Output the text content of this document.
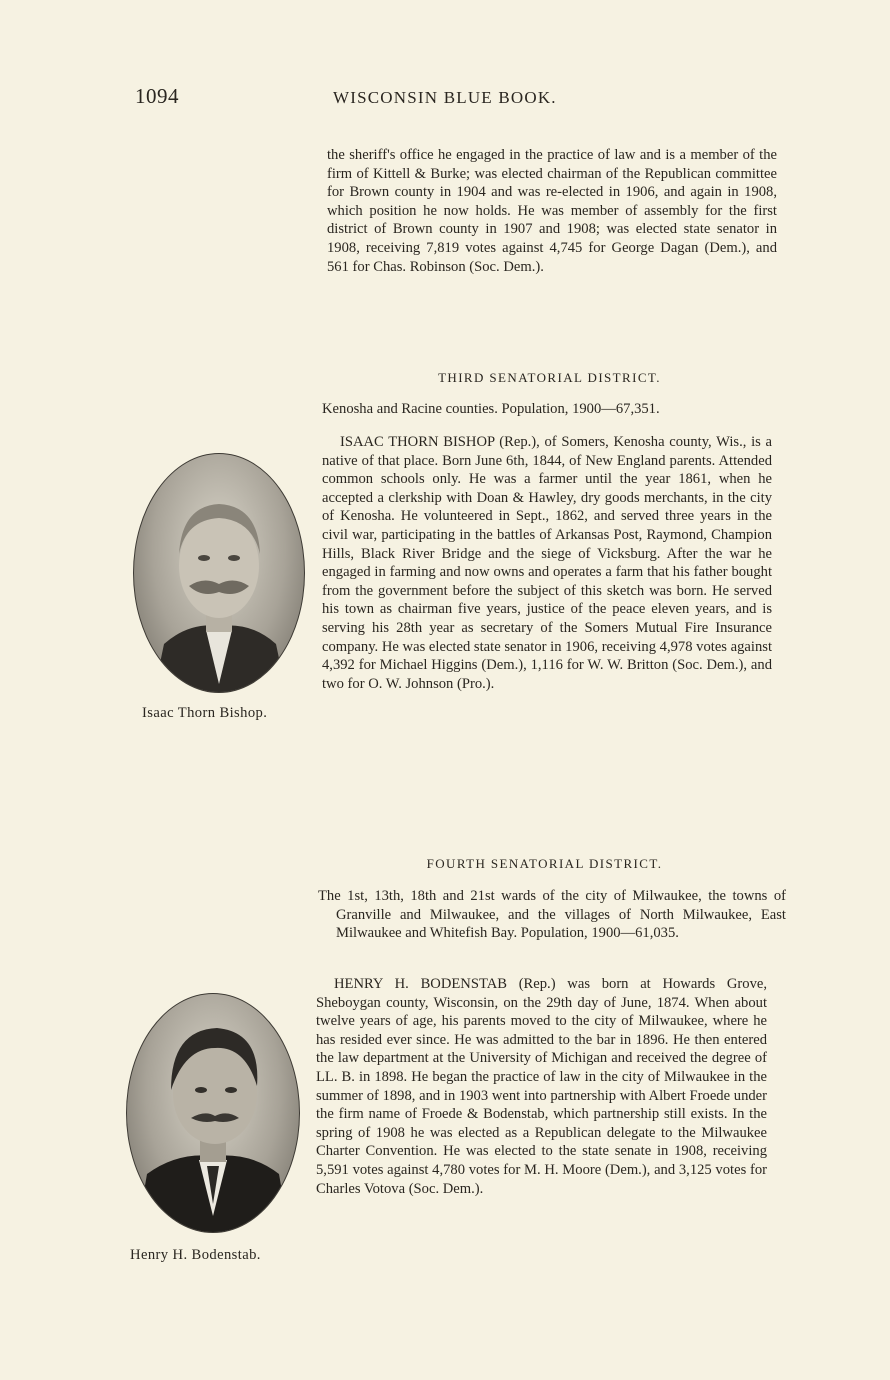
1094	WISCONSIN BLUE BOOK.
the sheriff's office he engaged in the practice of law and is a member of the firm of Kittell & Burke; was elected chairman of the Republican committee for Brown county in 1904 and was re-elected in 1906, and again in 1908, which position he now holds. He was member of assembly for the first district of Brown county in 1907 and 1908; was elected state senator in 1908, receiving 7,819 votes against 4,745 for George Dagan (Dem.), and 561 for Chas. Robinson (Soc. Dem.).
THIRD SENATORIAL DISTRICT.
Kenosha and Racine counties. Population, 1900—67,351.
ISAAC THORN BISHOP (Rep.), of Somers, Kenosha county, Wis., is a native of that place. Born June 6th, 1844, of New England parents. Attended common schools only. He was a farmer until the year 1861, when he accepted a clerkship with Doan & Hawley, dry goods merchants, in the city of Kenosha. He volunteered in Sept., 1862, and served three years in the civil war, participating in the battles of Arkansas Post, Raymond, Champion Hills, Black River Bridge and the siege of Vicksburg. After the war he engaged in farming and now owns and operates a farm that his father bought from the government before the subject of this sketch was born. He served his town as chairman five years, justice of the peace eleven years, and is serving his 28th year as secretary of the Somers Mutual Fire Insurance company. He was elected state senator in 1906, receiving 4,978 votes against 4,392 for Michael Higgins (Dem.), 1,116 for W. W. Britton (Soc. Dem.), and two for O. W. Johnson (Pro.).
Isaac Thorn Bishop.
FOURTH SENATORIAL DISTRICT.
The 1st, 13th, 18th and 21st wards of the city of Milwaukee, the towns of Granville and Milwaukee, and the villages of North Milwaukee, East Milwaukee and Whitefish Bay. Population, 1900—61,035.
HENRY H. BODENSTAB (Rep.) was born at Howards Grove, Sheboygan county, Wisconsin, on the 29th day of June, 1874. When about twelve years of age, his parents moved to the city of Milwaukee, where he has resided ever since. He was admitted to the bar in 1896. He then entered the law department at the University of Michigan and received the degree of LL. B. in 1898. He began the practice of law in the city of Milwaukee in the summer of 1898, and in 1903 went into partnership with Albert Froede under the firm name of Froede & Bodenstab, which partnership still exists. In the spring of 1908 he was elected as a Republican delegate to the Milwaukee Charter Convention. He was elected to the state senate in 1908, receiving 5,591 votes against 4,780 votes for M. H. Moore (Dem.), and 3,125 votes for Charles Votova (Soc. Dem.).
Henry H. Bodenstab.
